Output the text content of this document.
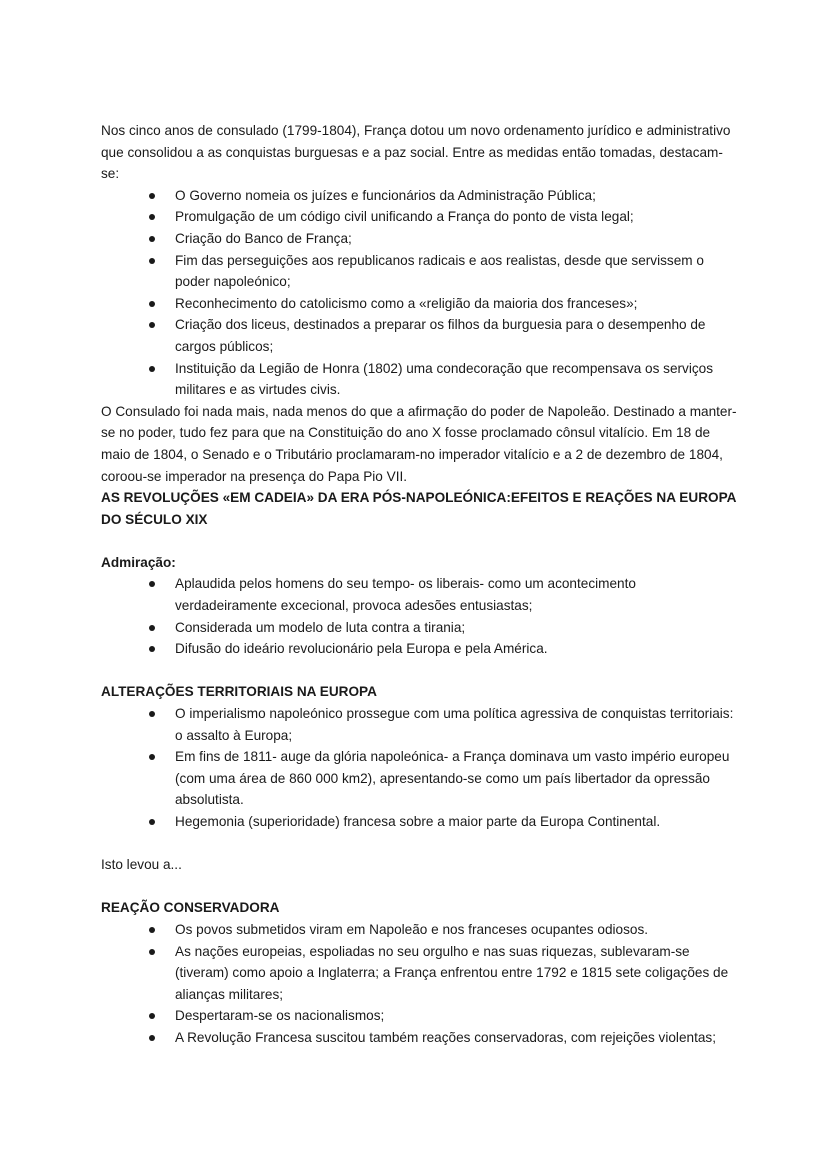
Nos cinco anos de consulado (1799-1804), França dotou um novo ordenamento jurídico e administrativo que consolidou a as conquistas burguesas e a paz social. Entre as medidas então tomadas, destacam-se:

O Governo nomeia os juízes e funcionários da Administração Pública;
Promulgação de um código civil unificando a França do ponto de vista legal;
Criação do Banco de França;
Fim das perseguições aos republicanos radicais e aos realistas, desde que servissem o poder napoleónico;
Reconhecimento do catolicismo como a «religião da maioria dos franceses»;
Criação dos liceus, destinados a preparar os filhos da burguesia para o desempenho de cargos públicos;
Instituição da Legião de Honra (1802) uma condecoração que recompensava os serviços militares e as virtudes civis.

O Consulado foi nada mais, nada menos do que a afirmação do poder de Napoleão. Destinado a manter-se no poder, tudo fez para que na Constituição do ano X fosse proclamado cônsul vitalício. Em 18 de maio de 1804, o Senado e o Tributário proclamaram-no imperador vitalício e a 2 de dezembro de 1804, coroou-se imperador na presença do Papa Pio VII.

AS REVOLUÇÕES «EM CADEIA» DA ERA PÓS-NAPOLEÓNICA:EFEITOS E REAÇÕES NA EUROPA DO SÉCULO XIX

Admiração:

Aplaudida pelos homens do seu tempo- os liberais- como um acontecimento verdadeiramente excecional, provoca adesões entusiastas;
Considerada um modelo de luta contra a tirania;
Difusão do ideário revolucionário pela Europa e pela América.

ALTERAÇÕES TERRITORIAIS NA EUROPA

O imperialismo napoleónico prossegue com uma política agressiva de conquistas territoriais: o assalto à Europa;
Em fins de 1811- auge da glória napoleónica- a França dominava um vasto império europeu (com uma área de 860 000 km2), apresentando-se como um país libertador da opressão absolutista.
Hegemonia (superioridade) francesa sobre a maior parte da Europa Continental.

Isto levou a...

REAÇÃO CONSERVADORA

Os povos submetidos viram em Napoleão e nos franceses ocupantes odiosos.
As nações europeias, espoliadas no seu orgulho e nas suas riquezas, sublevaram-se (tiveram) como apoio a Inglaterra; a França enfrentou entre 1792 e 1815 sete coligações de alianças militares;
Despertaram-se os nacionalismos;
A Revolução Francesa suscitou também reações conservadoras, com rejeições violentas;
